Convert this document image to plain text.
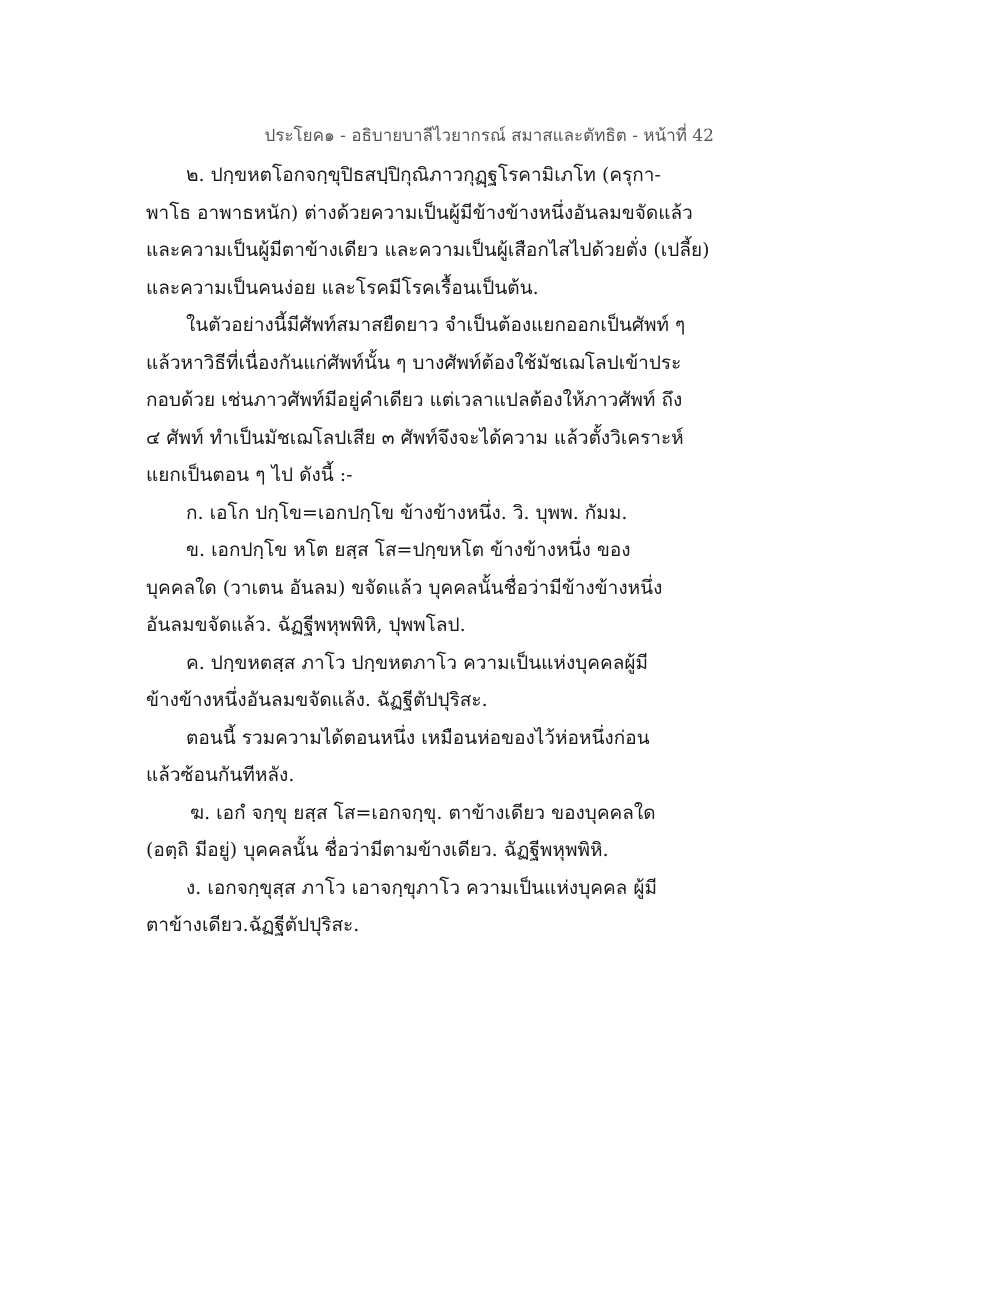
ประโยค๑ - อธิบายบาลีไวยากรณ์ สมาสและตัทธิต - หน้าที่ 42
๒. ปกฺขหตโอกจกฺขุปิธสปฺปิกุณิภาวกุฏฺฐโรคามิเภโท (ครุกา-
พาโธ อาพาธหนัก) ต่างด้วยความเป็นผู้มีข้างข้างหนึ่งอันลมขจัดแล้ว
และความเป็นผู้มีตาข้างเดียว และความเป็นผู้เสือกไสไปด้วยตั่ง (เปลี้ย)
และความเป็นคนง่อย และโรคมีโรคเรื้อนเป็นต้น.
ในตัวอย่างนี้มีศัพท์สมาสยืดยาว จำเป็นต้องแยกออกเป็นศัพท์ ๆ
แล้วหาวิธีที่เนื่องกันแก่ศัพท์นั้น ๆ บางศัพท์ต้องใช้มัชเฌโลปเข้าประ
กอบด้วย เช่นภาวศัพท์มีอยู่คำเดียว แต่เวลาแปลต้องให้ภาวศัพท์ ถึง
๔ ศัพท์ ทำเป็นมัชเฌโลปเสีย ๓ ศัพท์จึงจะได้ความ แล้วตั้งวิเคราะห์
แยกเป็นตอน ๆ ไป ดังนี้ :-
ก. เอโก ปกฺโข=เอกปกฺโข ข้างข้างหนึ่ง. วิ. บุพพ. กัมม.
ข. เอกปกฺโข หโต ยสฺส โส=ปกฺขหโต ข้างข้างหนึ่ง ของ
บุคคลใด (วาเตน อันลม) ขจัดแล้ว บุคคลนั้นชื่อว่ามีข้างข้างหนึ่ง
อันลมขจัดแล้ว. ฉัฏฐีพหุพพิหิ, ปุพพโลป.
ค. ปกฺขหตสฺส ภาโว ปกฺขหตภาโว ความเป็นแห่งบุคคลผู้มี
ข้างข้างหนึ่งอันลมขจัดแล้ง. ฉัฏฐีตัปปุริสะ.
ตอนนี้ รวมความได้ตอนหนึ่ง เหมือนห่อของไว้ห่อหนึ่งก่อน
แล้วซ้อนกันทีหลัง.
ฆ. เอกํ จกฺขุ ยสฺส โส=เอกจกฺขุ. ตาข้างเดียว ของบุคคลใด
(อตฺถิ มีอยู่) บุคคลนั้น ชื่อว่ามีตามข้างเดียว. ฉัฏฐีพหุพพิหิ.
ง. เอกจกฺขุสฺส ภาโว เอาจกฺขุภาโว ความเป็นแห่งบุคคล ผู้มี
ตาข้างเดียว.ฉัฏฐีตัปปุริสะ.
